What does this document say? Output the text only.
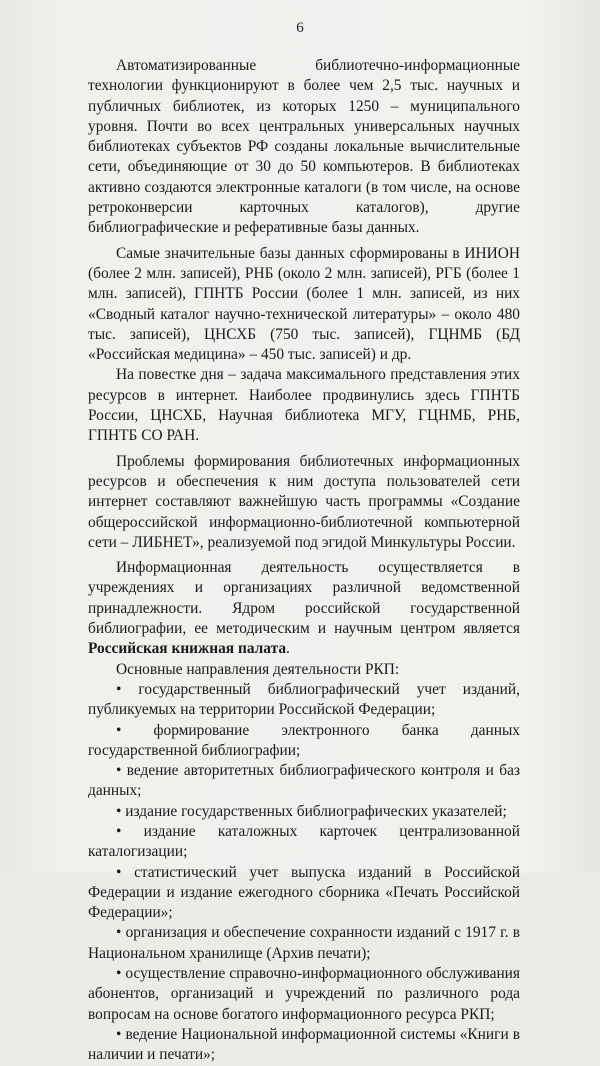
6

Автоматизированные библиотечно-информационные технологии функционируют в более чем 2,5 тыс. научных и публичных библиотек, из которых 1250 – муниципального уровня. Почти во всех центральных универсальных научных библиотеках субъектов РФ созданы локальные вычислительные сети, объединяющие от 30 до 50 компьютеров. В библиотеках активно создаются электронные каталоги (в том числе, на основе ретроконверсии карточных каталогов), другие библиографические и реферативные базы данных.

Самые значительные базы данных сформированы в ИНИОН (более 2 млн. записей), РНБ (около 2 млн. записей), РГБ (более 1 млн. записей), ГПНТБ России (более 1 млн. записей, из них «Сводный каталог научно-технической литературы» – около 480 тыс. записей), ЦНСХБ (750 тыс. записей), ГЦНМБ (БД «Российская медицина» – 450 тыс. записей) и др.

На повестке дня – задача максимального представления этих ресурсов в интернет. Наиболее продвинулись здесь ГПНТБ России, ЦНСХБ, Научная библиотека МГУ, ГЦНМБ, РНБ, ГПНТБ СО РАН.

Проблемы формирования библиотечных информационных ресурсов и обеспечения к ним доступа пользователей сети интернет составляют важнейшую часть программы «Создание общероссийской информационно-библиотечной компьютерной сети – ЛИБНЕТ», реализуемой под эгидой Минкультуры России.

Информационная деятельность осуществляется в учреждениях и организациях различной ведомственной принадлежности. Ядром российской государственной библиографии, ее методическим и научным центром является Российская книжная палата.

Основные направления деятельности РКП:

• государственный библиографический учет изданий, публикуемых на территории Российской Федерации;

• формирование электронного банка данных государственной библиографии;

• ведение авторитетных библиографического контроля и баз данных;

• издание государственных библиографических указателей;

• издание каталожных карточек централизованной каталогизации;

• статистический учет выпуска изданий в Российской Федерации и издание ежегодного сборника «Печать Российской Федерации»;

• организация и обеспечение сохранности изданий с 1917 г. в Национальном хранилище (Архив печати);

• осуществление справочно-информационного обслуживания абонентов, организаций и учреждений по различного рода вопросам на основе богатого информационного ресурса РКП;

• ведение Национальной информационной системы «Книги в наличии и печати»;
